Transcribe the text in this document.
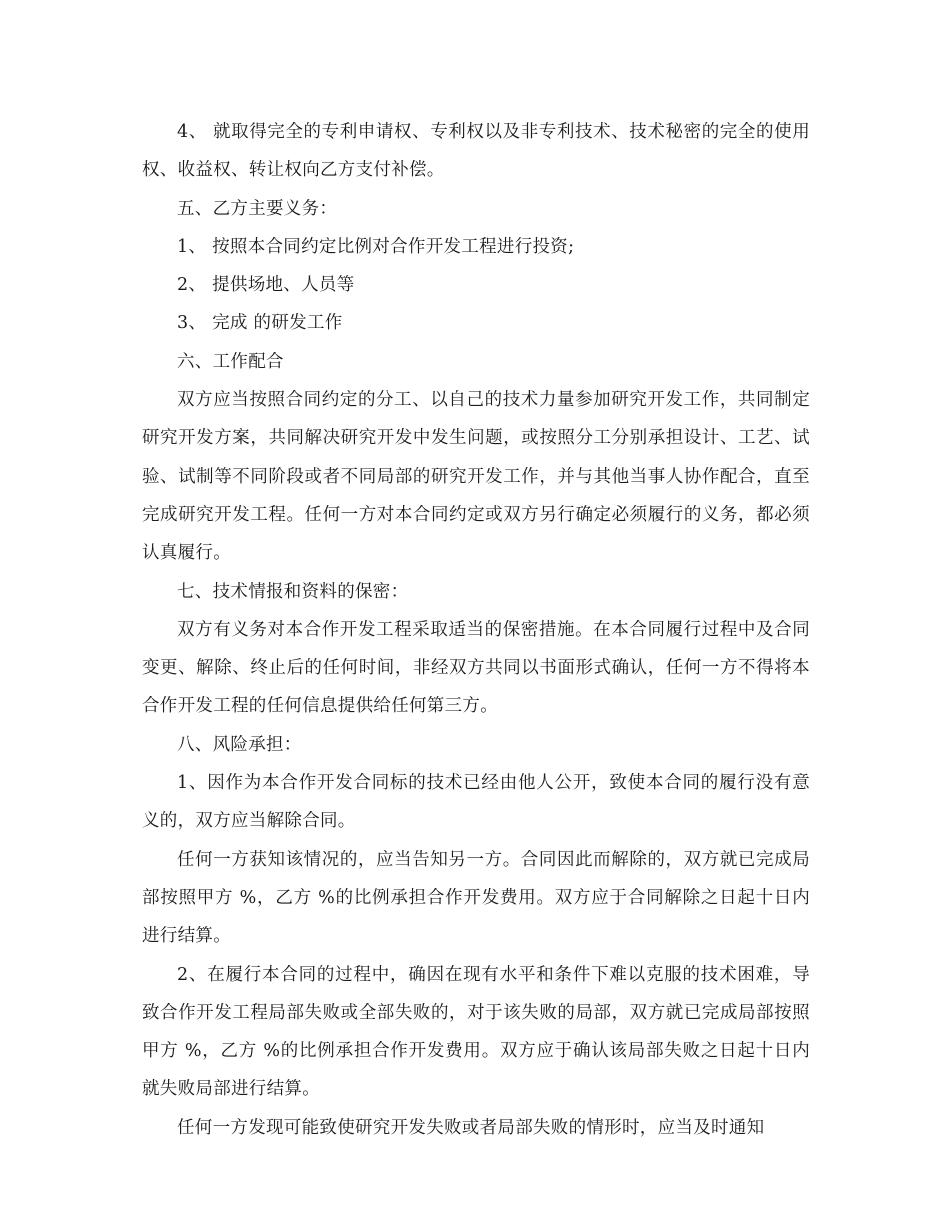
4、 就取得完全的专利申请权、专利权以及非专利技术、技术秘密的完全的使用权、收益权、转让权向乙方支付补偿。

五、乙方主要义务：

1、 按照本合同约定比例对合作开发工程进行投资;

2、 提供场地、人员等

3、 完成 的研发工作

六、工作配合

双方应当按照合同约定的分工、以自己的技术力量参加研究开发工作，共同制定研究开发方案，共同解决研究开发中发生问题，或按照分工分别承担设计、工艺、试验、试制等不同阶段或者不同局部的研究开发工作，并与其他当事人协作配合，直至完成研究开发工程。任何一方对本合同约定或双方另行确定必须履行的义务，都必须认真履行。

七、技术情报和资料的保密：

双方有义务对本合作开发工程采取适当的保密措施。在本合同履行过程中及合同变更、解除、终止后的任何时间，非经双方共同以书面形式确认，任何一方不得将本合作开发工程的任何信息提供给任何第三方。

八、风险承担：

1、因作为本合作开发合同标的技术已经由他人公开，致使本合同的履行没有意义的，双方应当解除合同。

任何一方获知该情况的，应当告知另一方。合同因此而解除的，双方就已完成局部按照甲方 %，乙方 %的比例承担合作开发费用。双方应于合同解除之日起十日内进行结算。

2、在履行本合同的过程中，确因在现有水平和条件下难以克服的技术困难，导致合作开发工程局部失败或全部失败的，对于该失败的局部，双方就已完成局部按照甲方 %，乙方 %的比例承担合作开发费用。双方应于确认该局部失败之日起十日内就失败局部进行结算。

任何一方发现可能致使研究开发失败或者局部失败的情形时，应当及时通知
